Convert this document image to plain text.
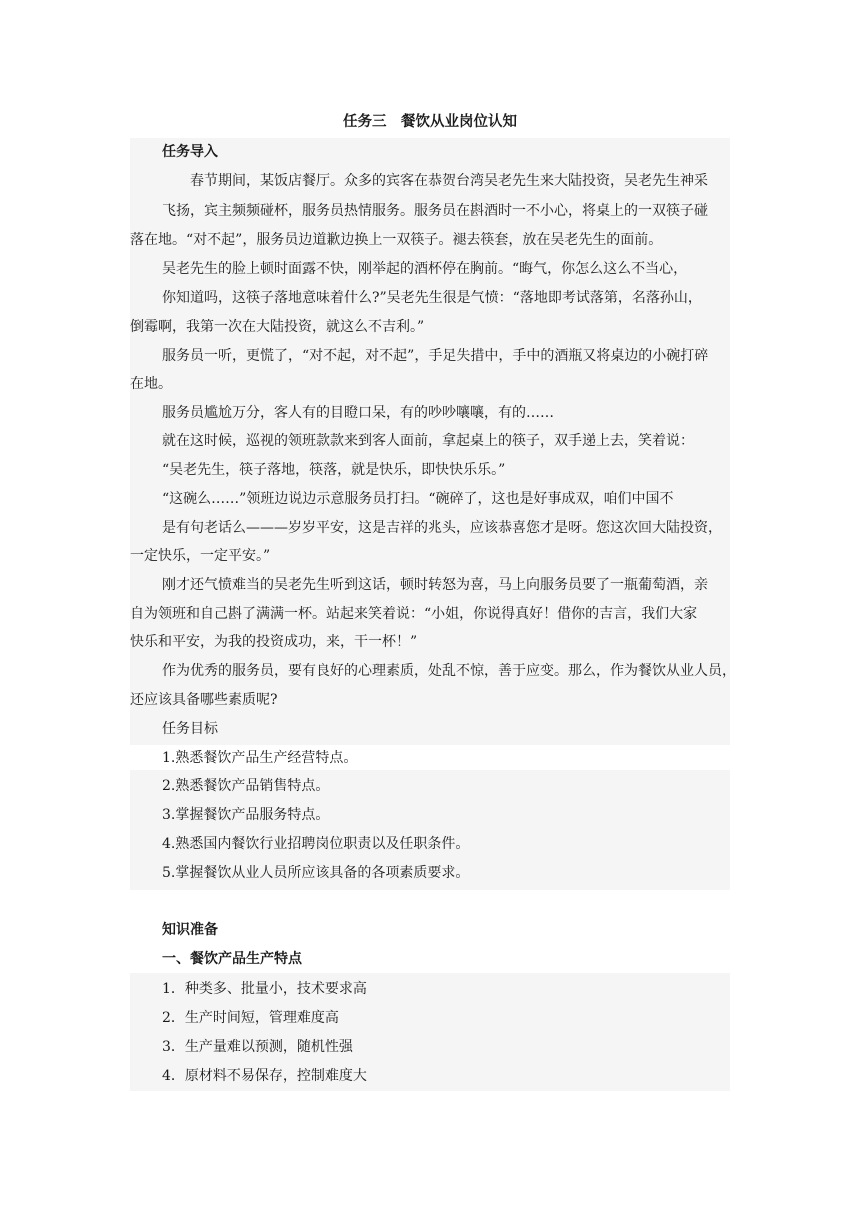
任务三　餐饮从业岗位认知
任务导入
春节期间，某饭店餐厅。众多的宾客在恭贺台湾吴老先生来大陆投资，吴老先生神采
飞扬，宾主频频碰杯，服务员热情服务。服务员在斟酒时一不小心，将桌上的一双筷子碰
落在地。“对不起”，服务员边道歉边换上一双筷子。褪去筷套，放在吴老先生的面前。
吴老先生的脸上顿时面露不快，刚举起的酒杯停在胸前。“晦气，你怎么这么不当心，
你知道吗，这筷子落地意味着什么?”吴老先生很是气愤：“落地即考试落第，名落孙山，
倒霉啊，我第一次在大陆投资，就这么不吉利。”
服务员一听，更慌了，“对不起，对不起”，手足失措中，手中的酒瓶又将桌边的小碗打碎
在地。
服务员尴尬万分，客人有的目瞪口呆，有的吵吵嚷嚷，有的……
就在这时候，巡视的领班款款来到客人面前，拿起桌上的筷子，双手递上去，笑着说：
“吴老先生，筷子落地，筷落，就是快乐，即快快乐乐。”
“这碗么……”领班边说边示意服务员打扫。“碗碎了，这也是好事成双，咱们中国不
是有句老话么———岁岁平安，这是吉祥的兆头，应该恭喜您才是呀。您这次回大陆投资，
一定快乐，一定平安。”
刚才还气愤难当的吴老先生听到这话，顿时转怒为喜，马上向服务员要了一瓶葡萄酒，亲
自为领班和自己斟了满满一杯。站起来笑着说：“小姐，你说得真好！借你的吉言，我们大家
快乐和平安，为我的投资成功，来，干一杯！”
作为优秀的服务员，要有良好的心理素质，处乱不惊，善于应变。那么，作为餐饮从业人员，
还应该具备哪些素质呢?
任务目标
1.熟悉餐饮产品生产经营特点。
2.熟悉餐饮产品销售特点。
3.掌握餐饮产品服务特点。
4.熟悉国内餐饮行业招聘岗位职责以及任职条件。
5.掌握餐饮从业人员所应该具备的各项素质要求。
知识准备
一、餐饮产品生产特点
1．种类多、批量小，技术要求高
2．生产时间短，管理难度高
3．生产量难以预测，随机性强
4．原材料不易保存，控制难度大
